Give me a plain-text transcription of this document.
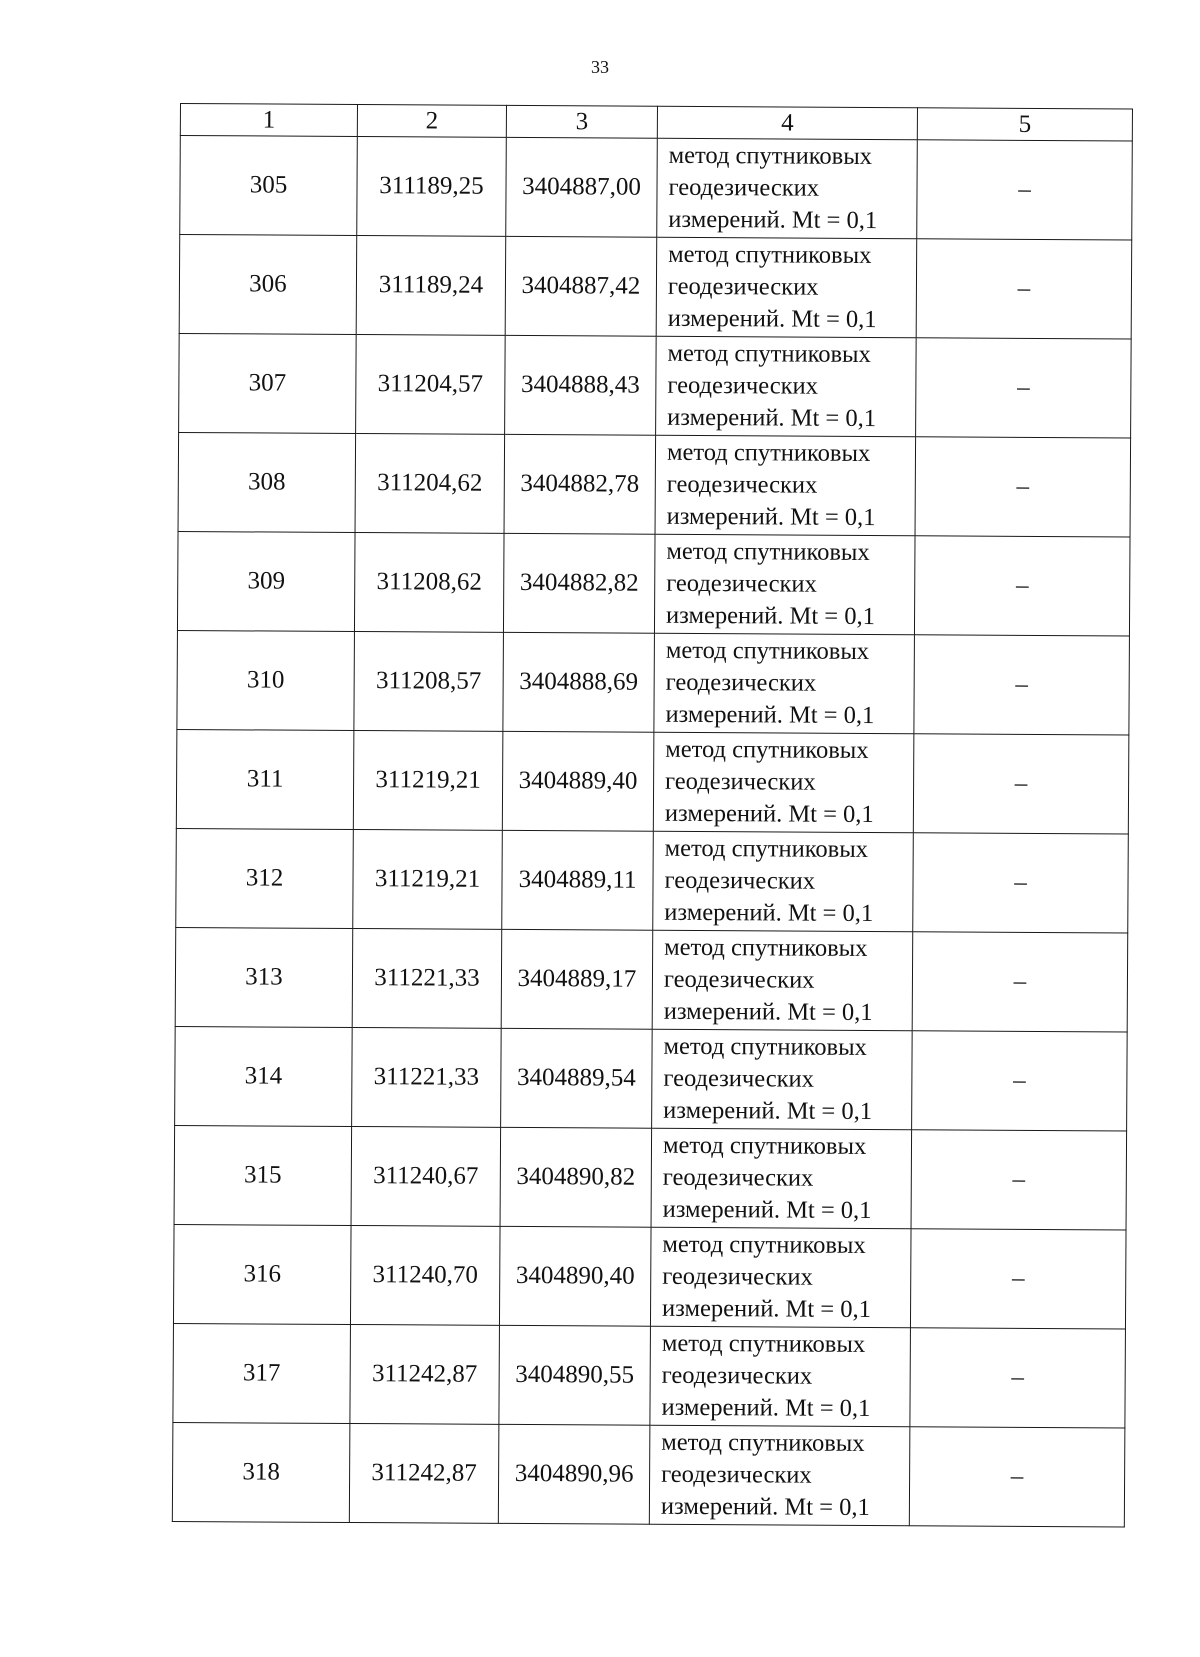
33
1	2	3	4	5
305	311189,25	3404887,00	метод спутниковых
геодезических
измерений. Mt = 0,1	–
306	311189,24	3404887,42	метод спутниковых
геодезических
измерений. Mt = 0,1	–
307	311204,57	3404888,43	метод спутниковых
геодезических
измерений. Mt = 0,1	–
308	311204,62	3404882,78	метод спутниковых
геодезических
измерений. Mt = 0,1	–
309	311208,62	3404882,82	метод спутниковых
геодезических
измерений. Mt = 0,1	–
310	311208,57	3404888,69	метод спутниковых
геодезических
измерений. Mt = 0,1	–
311	311219,21	3404889,40	метод спутниковых
геодезических
измерений. Mt = 0,1	–
312	311219,21	3404889,11	метод спутниковых
геодезических
измерений. Mt = 0,1	–
313	311221,33	3404889,17	метод спутниковых
геодезических
измерений. Mt = 0,1	–
314	311221,33	3404889,54	метод спутниковых
геодезических
измерений. Mt = 0,1	–
315	311240,67	3404890,82	метод спутниковых
геодезических
измерений. Mt = 0,1	–
316	311240,70	3404890,40	метод спутниковых
геодезических
измерений. Mt = 0,1	–
317	311242,87	3404890,55	метод спутниковых
геодезических
измерений. Mt = 0,1	–
318	311242,87	3404890,96	метод спутниковых
геодезических
измерений. Mt = 0,1	–
